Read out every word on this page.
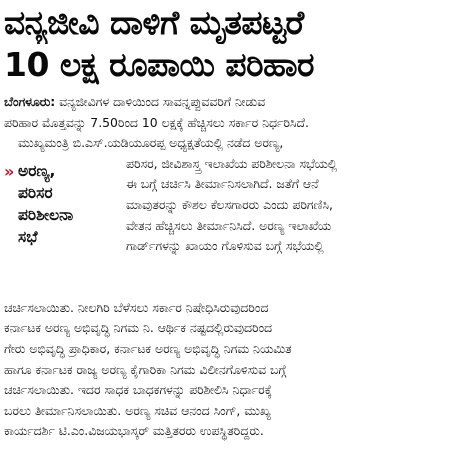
ವನ್ಯಜೀವಿ ದಾಳಿಗೆ ಮೃತಪಟ್ಟರೆ
10 ಲಕ್ಷ ರೂಪಾಯಿ ಪರಿಹಾರ
ಬೆಂಗಳೂರು: ವನ್ಯಜೀವಿಗಳ ದಾಳಿಯಿಂದ ಸಾವನ್ನಪ್ಪುವವರಿಗೆ ನೀಡುವ
ಪರಿಹಾರ ಮೊತ್ತವನ್ನು 7.50ರಿಂದ 10 ಲಕ್ಷಕ್ಕೆ ಹೆಚ್ಚಿಸಲು ಸರ್ಕಾರ ನಿರ್ಧರಿಸಿದೆ.
ಮುಖ್ಯಮಂತ್ರಿ ಬಿ.ಎಸ್.ಯಡಿಯೂರಪ್ಪ ಅಧ್ಯಕ್ಷತೆಯಲ್ಲಿ ನಡೆದ ಅರಣ್ಯ,
» ಅರಣ್ಯ,
ಪರಿಸರ
ಪರಿಶೀಲನಾ
ಸಭೆ
ಪರಿಸರ, ಜೀವಿಶಾಸ್ತ್ರ ಇಲಾಖೆಯ ಪರಿಶೀಲನಾ ಸಭೆಯಲ್ಲಿ
ಈ ಬಗ್ಗೆ ಚರ್ಚಿಸಿ ತೀರ್ಮಾನಿಸಲಾಗಿದೆ. ಜತೆಗೆ ಆನೆ
ಮಾವುತರನ್ನು ಕೌಶಲ ಕೆಲಸಗಾರರು ಎಂದು ಪರಿಗಣಿಸಿ,
ವೇತನ ಹೆಚ್ಚಿಸಲು ತೀರ್ಮಾನಿಸಿದೆ. ಅರಣ್ಯ ಇಲಾಖೆಯ
ಗಾರ್ಡ್‌ಗಳನ್ನು ಖಾಯಂ ಗೊಳಿಸುವ ಬಗ್ಗೆ ಸಭೆಯಲ್ಲಿ
ಚರ್ಚಿಸಲಾಯಿತು. ನೀಲಗಿರಿ ಬೆಳೆಸಲು ಸರ್ಕಾರ ನಿಷೇಧಿಸಿರುವುದರಿಂದ
ಕರ್ನಾಟಕ ಅರಣ್ಯ ಅಭಿವೃದ್ಧಿ ನಿಗಮ ನಿ. ಆರ್ಥಿಕ ನಷ್ಟದಲ್ಲಿರುವುದರಿಂದ
ಗೇರು ಅಭಿವೃದ್ಧಿ ಪ್ರಾಧಿಕಾರ, ಕರ್ನಾಟಕ ಅರಣ್ಯ ಅಭಿವೃದ್ಧಿ ನಿಗಮ ನಿಯಮಿತ
ಹಾಗೂ ಕರ್ನಾಟಕ ರಾಜ್ಯ ಅರಣ್ಯ ಕೈಗಾರಿಕಾ ನಿಗಮ ವಿಲೀನಗೊಳಿಸುವ ಬಗ್ಗೆ
ಚರ್ಚಿಸಲಾಯಿತು. ಇದರ ಸಾಧಕ ಬಾಧಕಗಳನ್ನು ಪರಿಶೀಲಿಸಿ ನಿರ್ಧಾರಕ್ಕೆ
ಬರಲು ತೀರ್ಮಾನಿಸಲಾಯಿತು. ಅರಣ್ಯ ಸಚಿವ ಆನಂದ ಸಿಂಗ್, ಮುಖ್ಯ
ಕಾರ್ಯದರ್ಶಿ ಟಿ.ಎಂ.ವಿಜಯಭಾಸ್ಕರ್ ಮತ್ತಿತರರು ಉಪಸ್ಥಿತರಿದ್ದರು.
